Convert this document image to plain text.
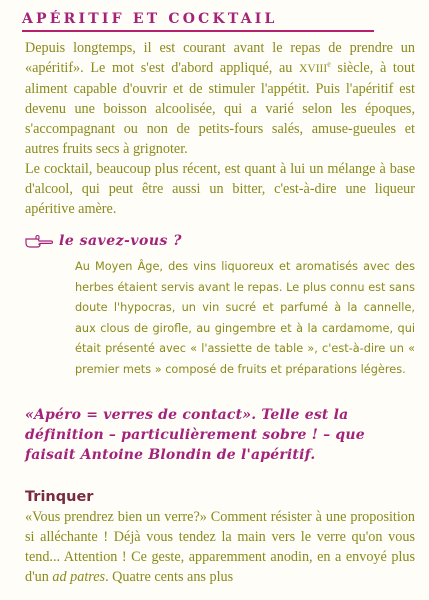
APÉRITIF ET COCKTAIL

Depuis longtemps, il est courant avant le repas de prendre un «apéritif». Le mot s'est d'abord appliqué, au XVIIIe siècle, à tout aliment capable d'ouvrir et de stimuler l'appétit. Puis l'apéritif est devenu une boisson alcoolisée, qui a varié selon les époques, s'accompagnant ou non de petits-fours salés, amuse-gueules et autres fruits secs à grignoter.

Le cocktail, beaucoup plus récent, est quant à lui un mélange à base d'alcool, qui peut être aussi un bitter, c'est-à-dire une liqueur apéritive amère.

le savez-vous ?
Au Moyen Âge, des vins liquoreux et aromatisés avec des herbes étaient servis avant le repas. Le plus connu est sans doute l'hypocras, un vin sucré et parfumé à la cannelle, aux clous de girofle, au gingembre et à la cardamome, qui était présenté avec « l'assiette de table », c'est-à-dire un « premier mets » composé de fruits et préparations légères.
«Apéro = verres de contact». Telle est la définition – particulièrement sobre ! – que faisait Antoine Blondin de l'apéritif.
Trinquer

«Vous prendrez bien un verre?» Comment résister à une proposition si alléchante ! Déjà vous tendez la main vers le verre qu'on vous tend... Attention ! Ce geste, apparemment anodin, en a envoyé plus d'un ad patres. Quatre cents ans plus
